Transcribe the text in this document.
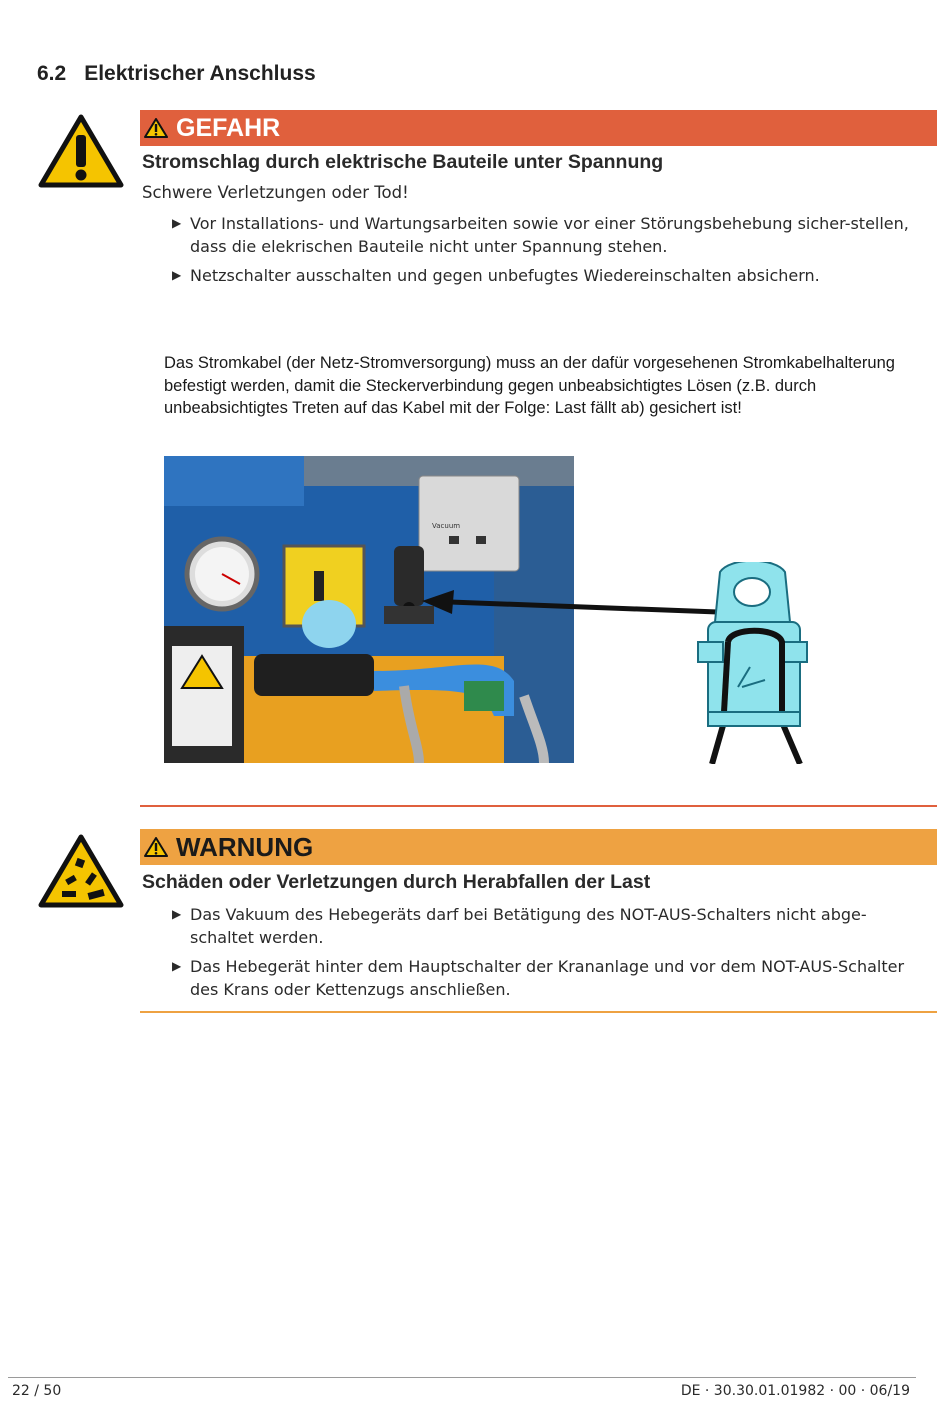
6.2 Elektrischer Anschluss
GEFAHR
Stromschlag durch elektrische Bauteile unter Spannung
Schwere Verletzungen oder Tod!
▶ Vor Installations- und Wartungsarbeiten sowie vor einer Störungsbehebung sicher-stellen, dass die elekrischen Bauteile nicht unter Spannung stehen.
▶ Netzschalter ausschalten und gegen unbefugtes Wiedereinschalten absichern.
Das Stromkabel (der Netz-Stromversorgung) muss an der dafür vorgesehenen Stromkabelhalterung befestigt werden, damit die Steckerverbindung gegen unbeabsichtigtes Lösen (z.B. durch unbeabsichtigtes Treten auf das Kabel mit der Folge: Last fällt ab) gesichert ist!
Vacuum
WARNUNG
Schäden oder Verletzungen durch Herabfallen der Last
▶ Das Vakuum des Hebegeräts darf bei Betätigung des NOT-AUS-Schalters nicht abge-schaltet werden.
▶ Das Hebegerät hinter dem Hauptschalter der Krananlage und vor dem NOT-AUS-Schalter des Krans oder Kettenzugs anschließen.
22 / 50	DE · 30.30.01.01982 · 00 · 06/19
